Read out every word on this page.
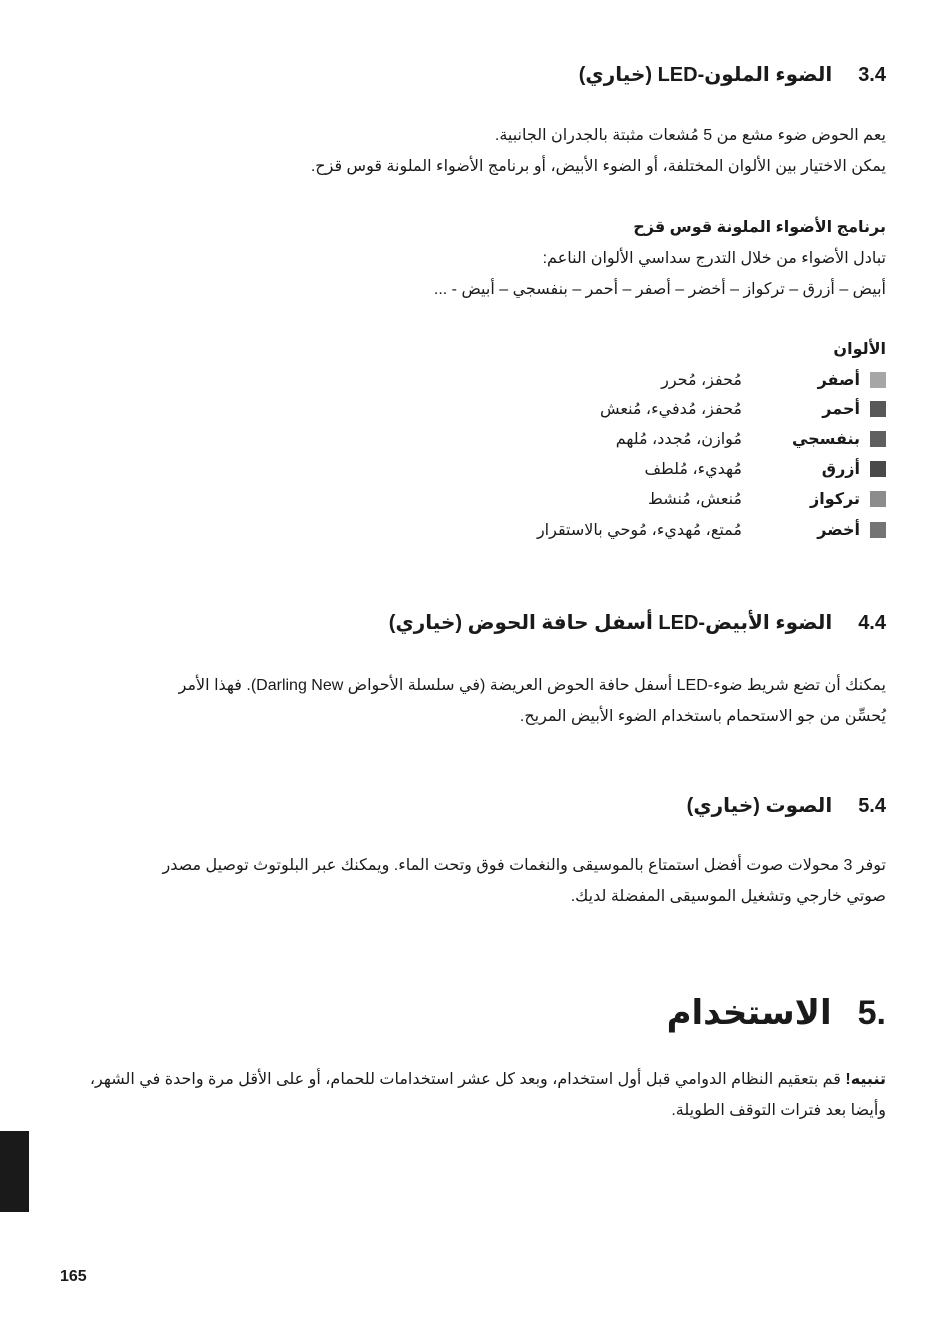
3.4الضوء الملون-LED (خياري)
يعم الحوض ضوء مشع من 5 مُشعات مثبتة بالجدران الجانبية.
يمكن الاختيار بين الألوان المختلفة، أو الضوء الأبيض، أو برنامج الأضواء الملونة قوس قزح.
برنامج الأضواء الملونة قوس قزح
تبادل الأضواء من خلال التدرج سداسي الألوان الناعم:
أبيض – أزرق – تركواز – أخضر – أصفر – أحمر – بنفسجي – أبيض - ...
الألوان
أصفر
مُحفز، مُحرر
أحمر
مُحفز، مُدفيء، مُنعش
بنفسجي
مُوازن، مُجدد، مُلهم
أزرق
مُهديء، مُلطف
تركواز
مُنعش، مُنشط
أخضر
مُمتع، مُهديء، مُوحي بالاستقرار
4.4الضوء الأبيض-LED أسفل حافة الحوض (خياري)
يمكنك أن تضع شريط ضوء-LED أسفل حافة الحوض العريضة (في سلسلة الأحواض Darling New). فهذا الأمر
يُحسِّن من جو الاستحمام باستخدام الضوء الأبيض المريح.
5.4الصوت (خياري)
توفر 3 محولات صوت أفضل استمتاع بالموسيقى والنغمات فوق وتحت الماء. ويمكنك عبر البلوتوث توصيل مصدر
صوتي خارجي وتشغيل الموسيقى المفضلة لديك.
.5الاستخدام
تنبيه! قم بتعقيم النظام الدوامي قبل أول استخدام، وبعد كل عشر استخدامات للحمام، أو على الأقل مرة واحدة في الشهر،
وأيضا بعد فترات التوقف الطويلة.
165
